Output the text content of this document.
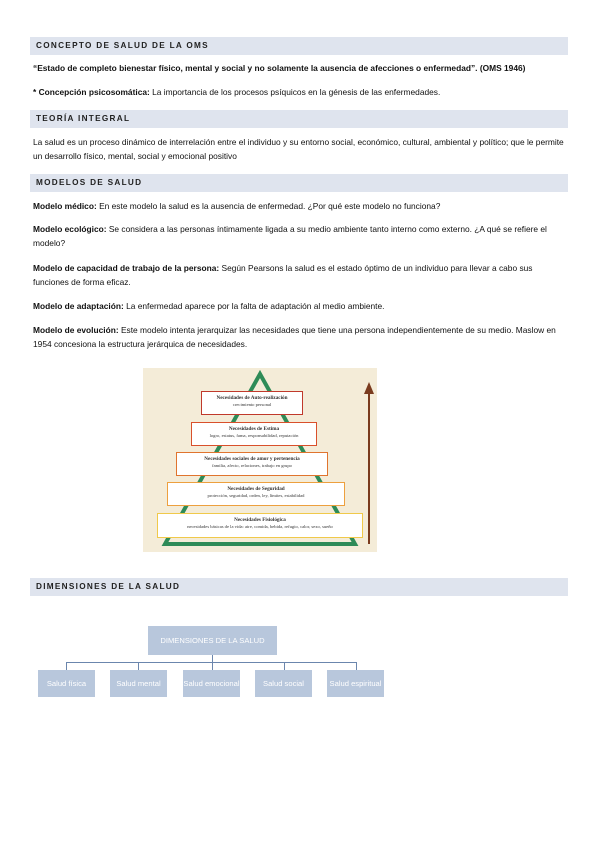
CONCEPTO DE SALUD DE LA OMS
“Estado de completo bienestar físico, mental y social y no solamente la ausencia de afecciones o enfermedad”. (OMS 1946)
* Concepción psicosomática: La importancia de los procesos psíquicos en la génesis de las enfermedades.
TEORÍA INTEGRAL
La salud es un proceso dinámico de interrelación entre el individuo y su entorno social, económico, cultural, ambiental y político; que le permite un desarrollo físico, mental, social y emocional positivo
MODELOS DE SALUD
Modelo médico: En este modelo la salud es la ausencia de enfermedad. ¿Por qué este modelo no funciona?
Modelo ecológico: Se considera a las personas íntimamente ligada a su medio ambiente tanto interno como externo. ¿A qué se refiere el modelo?
Modelo de capacidad de trabajo de la persona: Según Pearsons la salud es el estado óptimo de un individuo para llevar a cabo sus funciones de forma eficaz.
Modelo de adaptación: La enfermedad aparece por la falta de adaptación al medio ambiente.
Modelo de evolución: Este modelo intenta jerarquizar las necesidades que tiene una persona independientemente de su medio. Maslow en 1954 concesiona la estructura jerárquica de necesidades.
Necesidades de Auto-realización
crecimiento personal
Necesidades de Estima
logro, estatus, fama, responsabilidad, reputación
Necesidades sociales de amor y pertenencia
familia, afecto, relaciones, trabajo en grupo
Necesidades de Seguridad
protección, seguridad, orden, ley, límites, estabilidad
Necesidades Fisiológica
necesidades básicas de la vida: aire, comida, bebida, refugio, calor, sexo, sueño
DIMENSIONES DE LA SALUD
DIMENSIONES DE LA SALUD
Salud física	Salud mental	Salud emocional	Salud social	Salud espiritual
